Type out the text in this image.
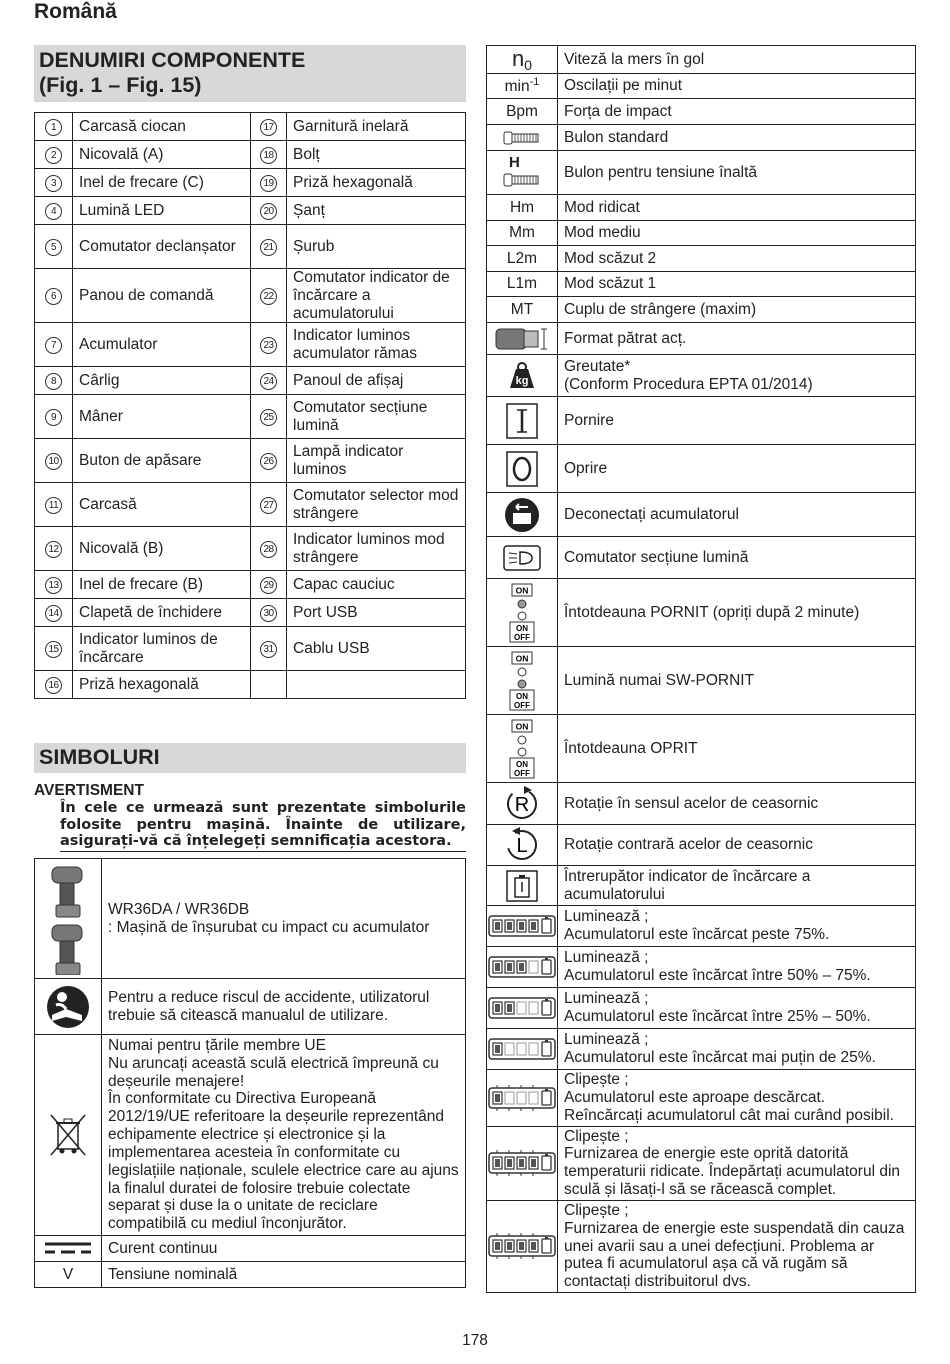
Română
DENUMIRI COMPONENTE
(Fig. 1 – Fig. 15)
1	Carcasă ciocan	17	Garnitură inelară
2	Nicovală (A)	18	Bolț
3	Inel de frecare (C)	19	Priză hexagonală
4	Lumină LED	20	Șanț
5	Comutator declanșator	21	Șurub
6	Panou de comandă	22	Comutator indicator de încărcare a acumulatorului
7	Acumulator	23	Indicator luminos acumulator rămas
8	Cârlig	24	Panoul de afișaj
9	Mâner	25	Comutator secțiune lumină
10	Buton de apăsare	26	Lampă indicator luminos
11	Carcasă	27	Comutator selector mod strângere
12	Nicovală (B)	28	Indicator luminos mod strângere
13	Inel de frecare (B)	29	Capac cauciuc
14	Clapetă de închidere	30	Port USB
15	Indicator luminos de încărcare	31	Cablu USB
16	Priză hexagonală		
SIMBOLURI
AVERTISMENT
În cele ce urmează sunt prezentate simbolurile folosite pentru mașină. Înainte de utilizare, asigurați-vă că înțelegeți semnificația acestora.

WR36DA / WR36DB
: Mașină de înșurubat cu impact cu acumulator

Pentru a reduce riscul de accidente, utilizatorul trebuie să citească manualul de utilizare.

Numai pentru țările membre UE
Nu aruncați această sculă electrică împreună cu deșeurile menajere!
În conformitate cu Directiva Europeană 2012/19/UE referitoare la deșeurile reprezentând echipamente electrice și electronice și la implementarea acesteia în conformitate cu legislațiile naționale, sculele electrice care au ajuns la finalul duratei de folosire trebuie colectate separat și duse la o unitate de reciclare compatibilă cu mediul înconjurător.

Curent continuu

V	Tensiune nominală
$n_0$	Viteză la mers în gol

$\min^{-1}$	Oscilații pe minut

Bpm	Forța de impact

Bulon standard

H	Bulon pentru tensiune înaltă

Hm	Mod ridicat

Mm	Mod mediu

L2m	Mod scăzut 2

L1m	Mod scăzut 1

MT	Cuplu de strângere (maxim)

Format pătrat acț.

kg	Greutate*
(Conform Procedura EPTA 01/2014)

Pornire

Oprire

Deconectați acumulatorul

Comutator secțiune lumină

ON
ON
OFF	Întotdeauna PORNIT (opriți după 2 minute)

ON
ON
OFF	Lumină numai SW-PORNIT

ON
ON
OFF	Întotdeauna OPRIT

R	Rotație în sensul acelor de ceasornic

L	Rotație contrară acelor de ceasornic

Întrerupător indicator de încărcare a acumulatorului

Luminează ;
Acumulatorul este încărcat peste 75%.

Luminează ;
Acumulatorul este încărcat între 50% – 75%.

Luminează ;
Acumulatorul este încărcat între 25% – 50%.

Luminează ;
Acumulatorul este încărcat mai puțin de 25%.

Clipește ;
Acumulatorul este aproape descărcat.
Reîncărcați acumulatorul cât mai curând posibil.

Clipește ;
Furnizarea de energie este oprită datorită temperaturii ridicate. Îndepărtați acumulatorul din sculă și lăsați-l să se răcească complet.

Clipește ;
Furnizarea de energie este suspendată din cauza unei avarii sau a unei defecțiuni. Problema ar putea fi acumulatorul așa că vă rugăm să contactați distribuitorul dvs.
178
